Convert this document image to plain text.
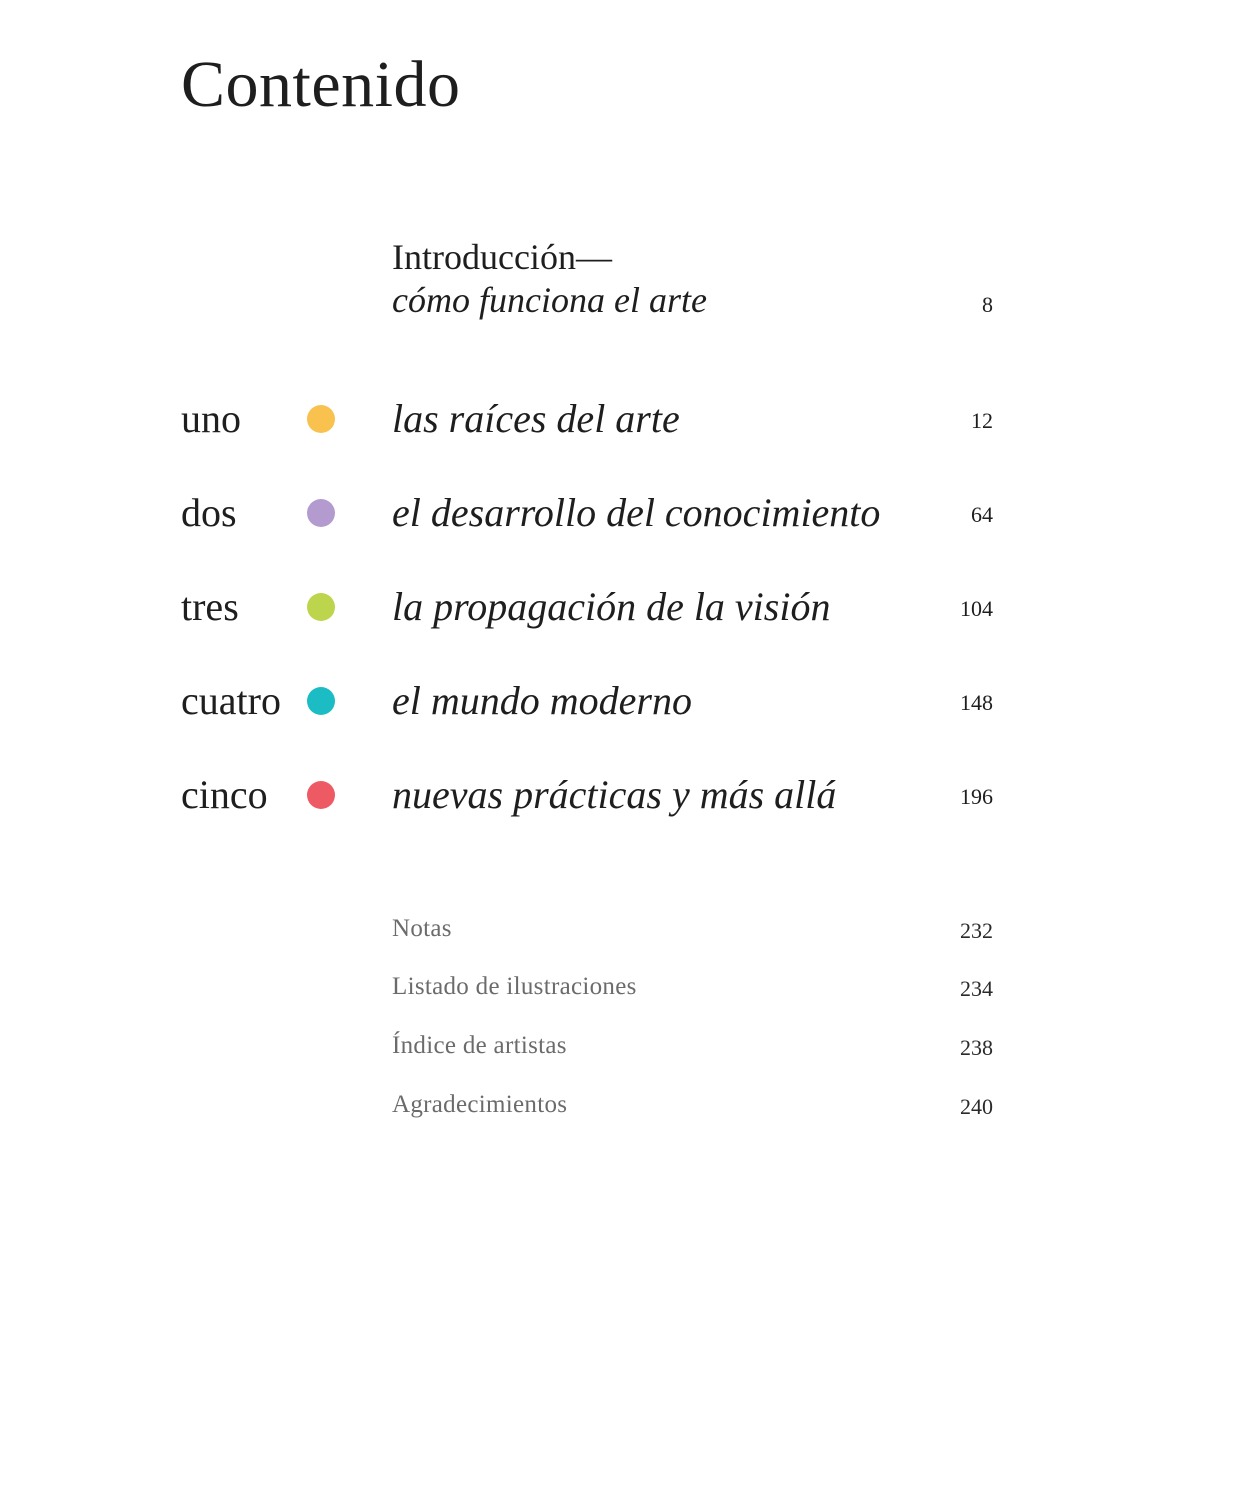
Contenido
Introducción—
cómo funciona el arte	8
uno	las raíces del arte	12
dos	el desarrollo del conocimiento	64
tres	la propagación de la visión	104
cuatro	el mundo moderno	148
cinco	nuevas prácticas y más allá	196
Notas	232
Listado de ilustraciones	234
Índice de artistas	238
Agradecimientos	240
